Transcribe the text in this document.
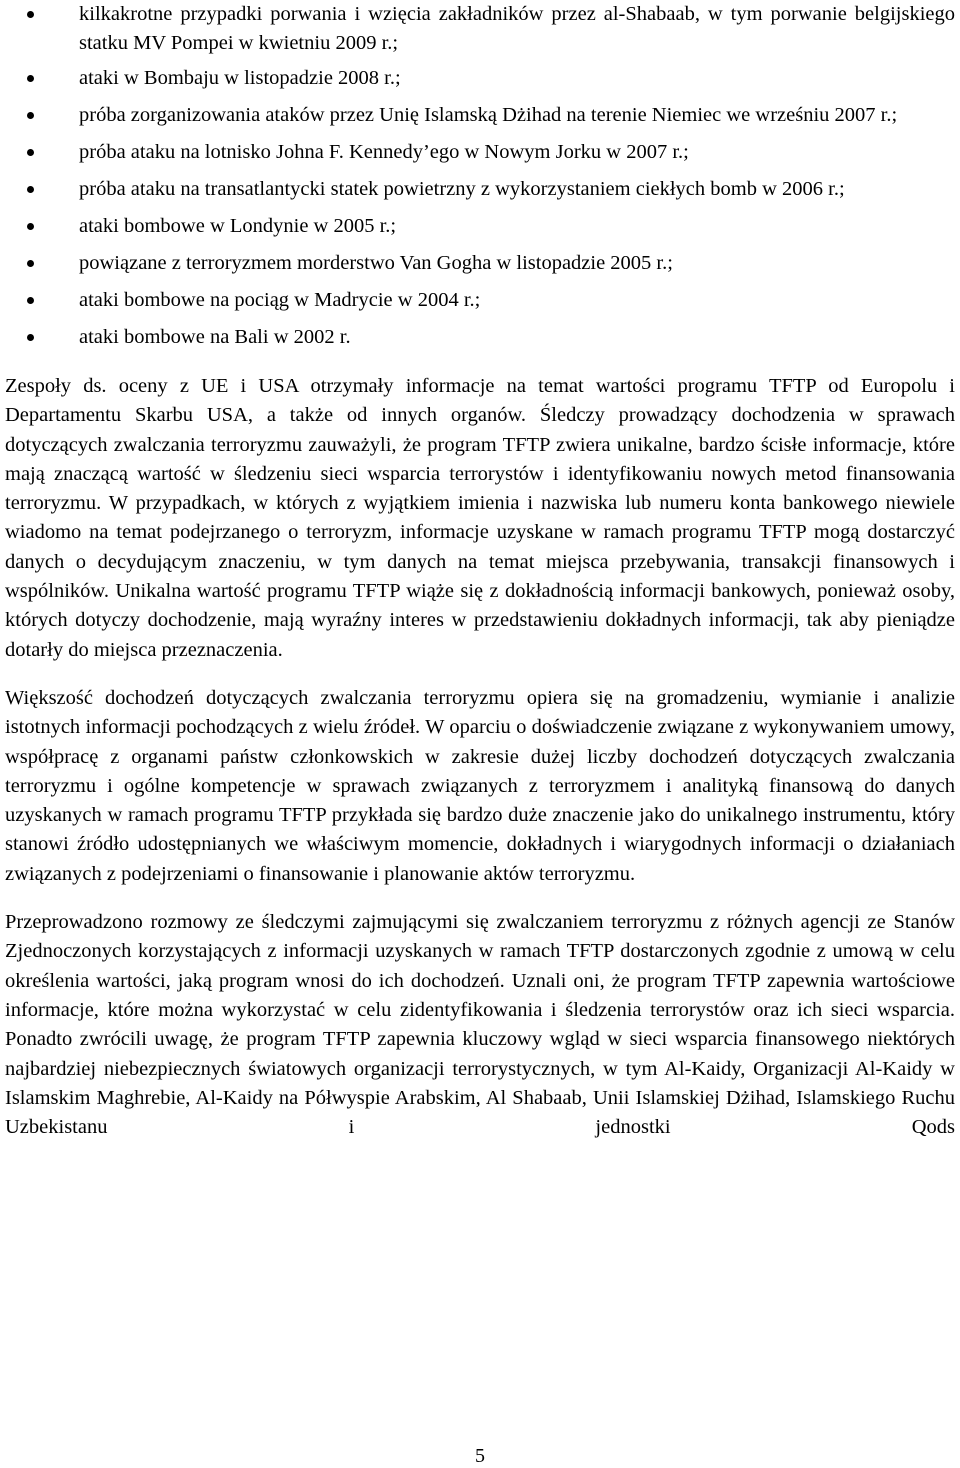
kilkakrotne przypadki porwania i wzięcia zakładników przez al-Shabaab, w tym porwanie belgijskiego statku MV Pompei w kwietniu 2009 r.;
ataki w Bombaju w listopadzie 2008 r.;
próba zorganizowania ataków przez Unię Islamską Dżihad na terenie Niemiec we wrześniu 2007 r.;
próba ataku na lotnisko Johna F. Kennedy’ego w Nowym Jorku w 2007 r.;
próba ataku na transatlantycki statek powietrzny z wykorzystaniem ciekłych bomb w 2006 r.;
ataki bombowe w Londynie w 2005 r.;
powiązane z terroryzmem morderstwo Van Gogha w listopadzie 2005 r.;
ataki bombowe na pociąg w Madrycie w 2004 r.;
ataki bombowe na Bali w 2002 r.

Zespoły ds. oceny z UE i USA otrzymały informacje na temat wartości programu TFTP od Europolu i Departamentu Skarbu USA, a także od innych organów. Śledczy prowadzący dochodzenia w sprawach dotyczących zwalczania terroryzmu zauważyli, że program TFTP zwiera unikalne, bardzo ścisłe informacje, które mają znaczącą wartość w śledzeniu sieci wsparcia terrorystów i identyfikowaniu nowych metod finansowania terroryzmu. W przypadkach, w których z wyjątkiem imienia i nazwiska lub numeru konta bankowego niewiele wiadomo na temat podejrzanego o terroryzm, informacje uzyskane w ramach programu TFTP mogą dostarczyć danych o decydującym znaczeniu, w tym danych na temat miejsca przebywania, transakcji finansowych i wspólników. Unikalna wartość programu TFTP wiąże się z dokładnością informacji bankowych, ponieważ osoby, których dotyczy dochodzenie, mają wyraźny interes w przedstawieniu dokładnych informacji, tak aby pieniądze dotarły do miejsca przeznaczenia.

Większość dochodzeń dotyczących zwalczania terroryzmu opiera się na gromadzeniu, wymianie i analizie istotnych informacji pochodzących z wielu źródeł. W oparciu o doświadczenie związane z wykonywaniem umowy, współpracę z organami państw członkowskich w zakresie dużej liczby dochodzeń dotyczących zwalczania terroryzmu i ogólne kompetencje w sprawach związanych z terroryzmem i analityką finansową do danych uzyskanych w ramach programu TFTP przykłada się bardzo duże znaczenie jako do unikalnego instrumentu, który stanowi źródło udostępnianych we właściwym momencie, dokładnych i wiarygodnych informacji o działaniach związanych z podejrzeniami o finansowanie i planowanie aktów terroryzmu.

Przeprowadzono rozmowy ze śledczymi zajmującymi się zwalczaniem terroryzmu z różnych agencji ze Stanów Zjednoczonych korzystających z informacji uzyskanych w ramach TFTP dostarczonych zgodnie z umową w celu określenia wartości, jaką program wnosi do ich dochodzeń. Uznali oni, że program TFTP zapewnia wartościowe informacje, które można wykorzystać w celu zidentyfikowania i śledzenia terrorystów oraz ich sieci wsparcia. Ponadto zwrócili uwagę, że program TFTP zapewnia kluczowy wgląd w sieci wsparcia finansowego niektórych najbardziej niebezpiecznych światowych organizacji terrorystycznych, w tym Al-Kaidy, Organizacji Al-Kaidy w Islamskim Maghrebie, Al-Kaidy na Półwyspie Arabskim, Al Shabaab, Unii Islamskiej Dżihad, Islamskiego Ruchu Uzbekistanu i jednostki Qods

5
